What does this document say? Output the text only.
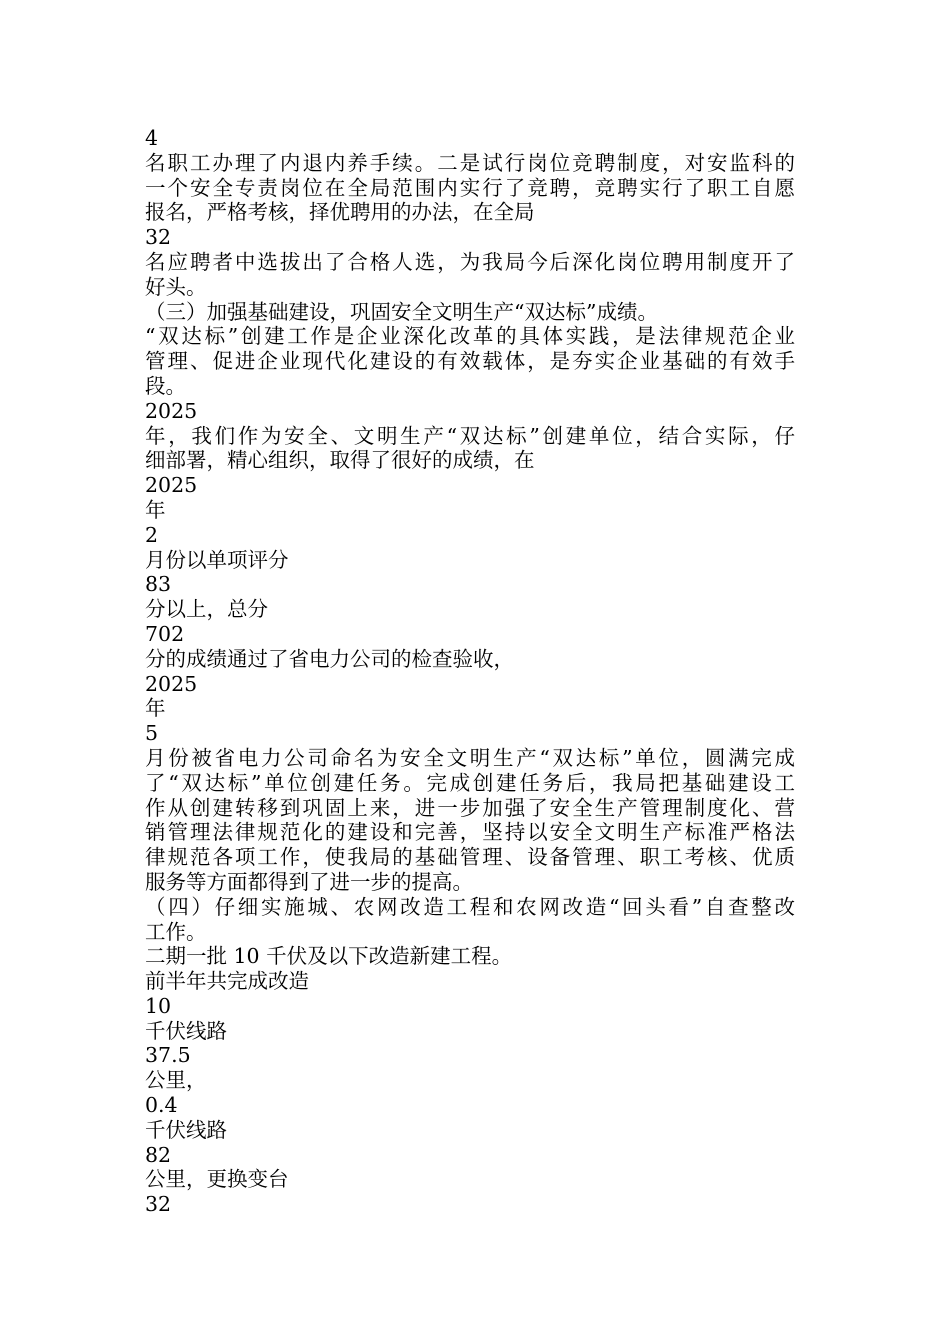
4

名职工办理了内退内养手续。二是试行岗位竞聘制度，对安监科的

一个安全专责岗位在全局范围内实行了竞聘，竞聘实行了职工自愿

报名，严格考核，择优聘用的办法，在全局

32

名应聘者中选拔出了合格人选，为我局今后深化岗位聘用制度开了

好头。

（三）加强基础建设，巩固安全文明生产“双达标”成绩。

“双达标”创建工作是企业深化改革的具体实践，是法律规范企业

管理、促进企业现代化建设的有效载体，是夯实企业基础的有效手

段。

2025

年，我们作为安全、文明生产“双达标”创建单位，结合实际，仔

细部署，精心组织，取得了很好的成绩，在

2025

年

2

月份以单项评分

83

分以上，总分

702

分的成绩通过了省电力公司的检查验收，

2025

年

5

月份被省电力公司命名为安全文明生产“双达标”单位，圆满完成

了“双达标”单位创建任务。完成创建任务后，我局把基础建设工

作从创建转移到巩固上来，进一步加强了安全生产管理制度化、营

销管理法律规范化的建设和完善，坚持以安全文明生产标准严格法

律规范各项工作，使我局的基础管理、设备管理、职工考核、优质

服务等方面都得到了进一步的提高。

（四）仔细实施城、农网改造工程和农网改造“回头看”自查整改

工作。

二期一批 10 千伏及以下改造新建工程。

前半年共完成改造

10

千伏线路

37.5

公里，

0.4

千伏线路

82

公里，更换变台

32
